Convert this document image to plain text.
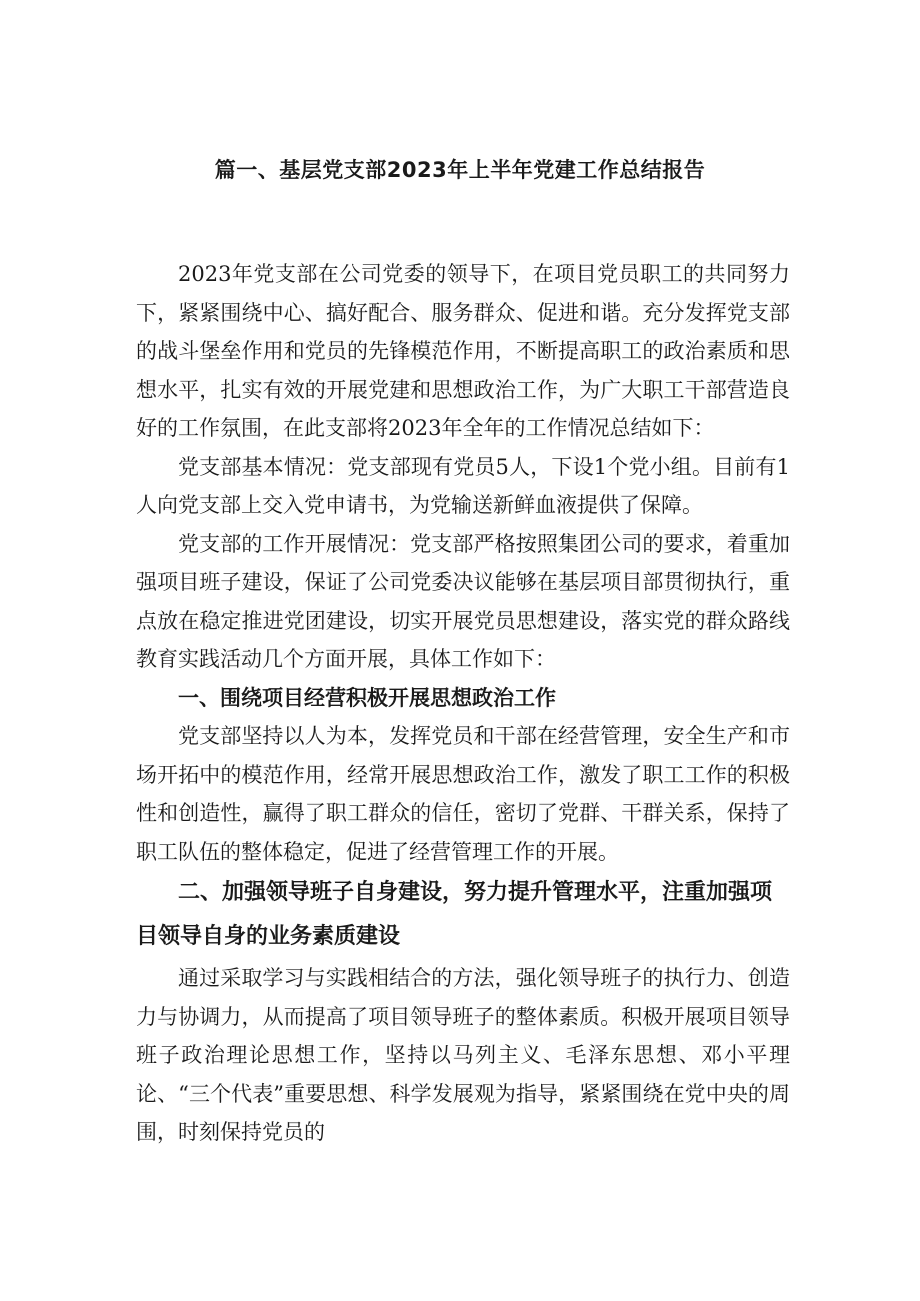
篇一、基层党支部2023年上半年党建工作总结报告

2023年党支部在公司党委的领导下，在项目党员职工的共同努力下，紧紧围绕中心、搞好配合、服务群众、促进和谐。充分发挥党支部的战斗堡垒作用和党员的先锋模范作用，不断提高职工的政治素质和思想水平，扎实有效的开展党建和思想政治工作，为广大职工干部营造良好的工作氛围，在此支部将2023年全年的工作情况总结如下：

党支部基本情况：党支部现有党员5人，下设1个党小组。目前有1人向党支部上交入党申请书，为党输送新鲜血液提供了保障。

党支部的工作开展情况：党支部严格按照集团公司的要求，着重加强项目班子建设，保证了公司党委决议能够在基层项目部贯彻执行，重点放在稳定推进党团建设，切实开展党员思想建设，落实党的群众路线教育实践活动几个方面开展，具体工作如下：

一、围绕项目经营积极开展思想政治工作

党支部坚持以人为本，发挥党员和干部在经营管理，安全生产和市场开拓中的模范作用，经常开展思想政治工作，激发了职工工作的积极性和创造性，赢得了职工群众的信任，密切了党群、干群关系，保持了职工队伍的整体稳定，促进了经营管理工作的开展。

二、加强领导班子自身建设，努力提升管理水平，注重加强项目领导自身的业务素质建设

通过采取学习与实践相结合的方法，强化领导班子的执行力、创造力与协调力，从而提高了项目领导班子的整体素质。积极开展项目领导班子政治理论思想工作，坚持以马列主义、毛泽东思想、邓小平理论、“三个代表”重要思想、科学发展观为指导，紧紧围绕在党中央的周围，时刻保持党员的
